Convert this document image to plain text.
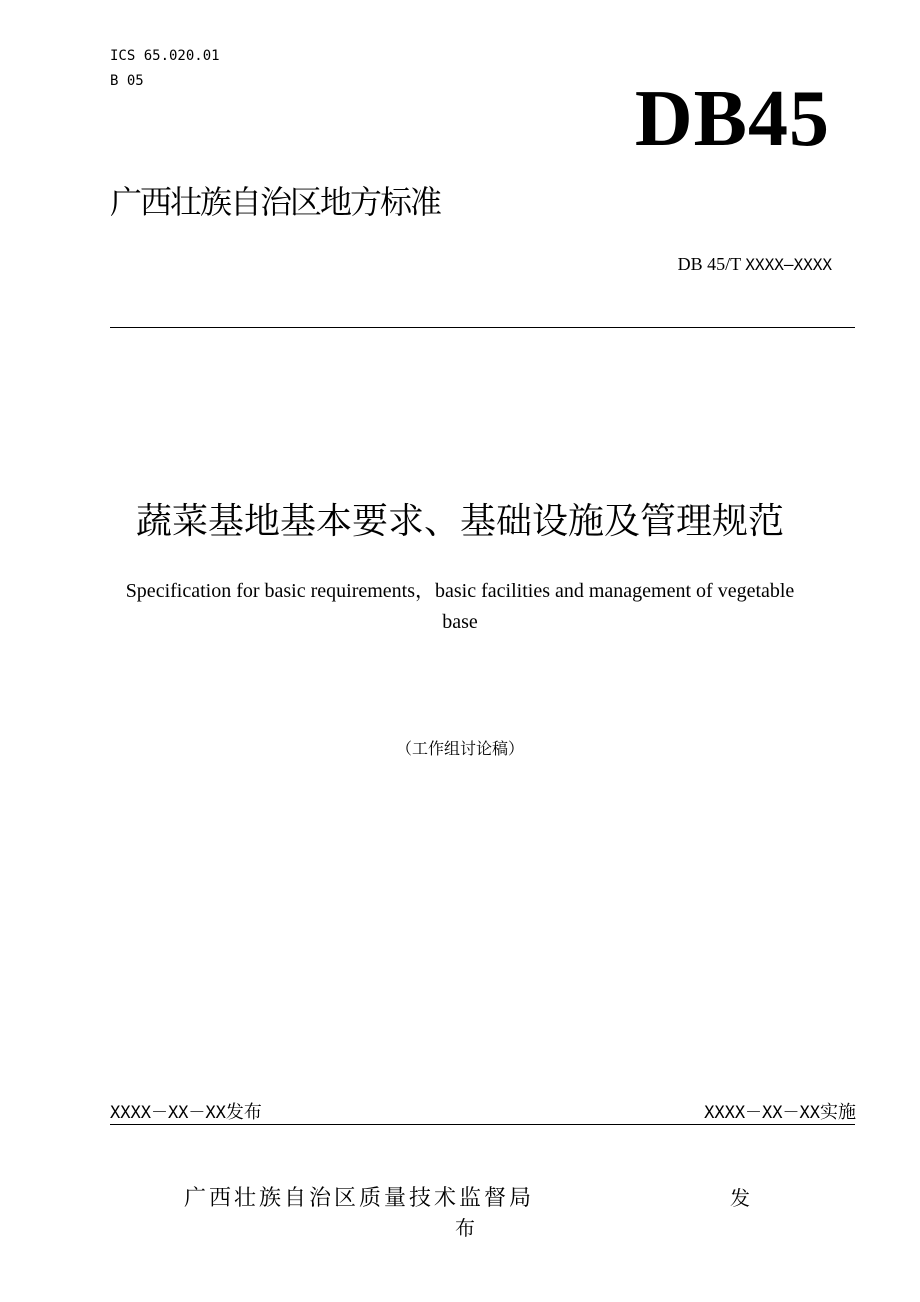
ICS 65.020.01
B 05	DB45
广西壮族自治区地方标准
DB 45/T XXXX—XXXX
蔬菜基地基本要求、基础设施及管理规范
Specification for basic requirements，basic facilities and management of vegetable
base
（工作组讨论稿）
XXXX－XX－XX发布	XXXX－XX－XX实施
广西壮族自治区质量技术监督局	发
布
